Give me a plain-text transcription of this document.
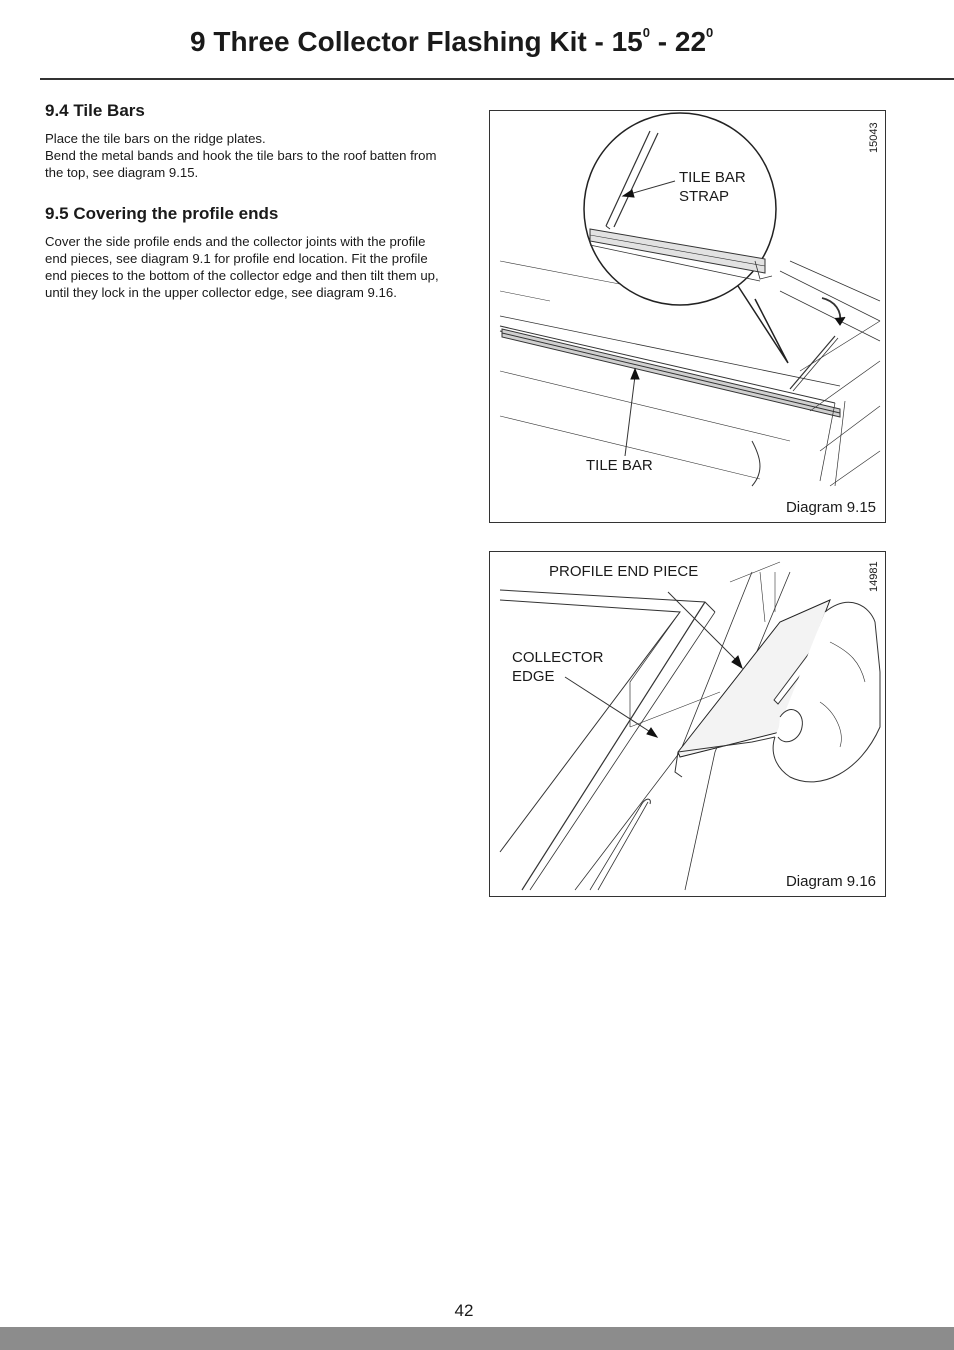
9 Three Collector Flashing Kit - $15^0 - 22^0$
9.4 Tile Bars

Place the tile bars on the ridge plates.

Bend the metal bands and hook the tile bars to the roof batten from the top, see diagram 9.15.

9.5 Covering the profile ends

Cover the side profile ends and the collector joints with the profile end pieces, see diagram 9.1 for profile end location. Fit the profile end pieces to the bottom of the collector edge and then tilt them up, until they lock in the upper collector edge, see diagram 9.16.

15043
TILE BAR
STRAP
TILE BAR
Diagram 9.15
14981
PROFILE END PIECE
COLLECTOR
EDGE
Diagram 9.16
42
